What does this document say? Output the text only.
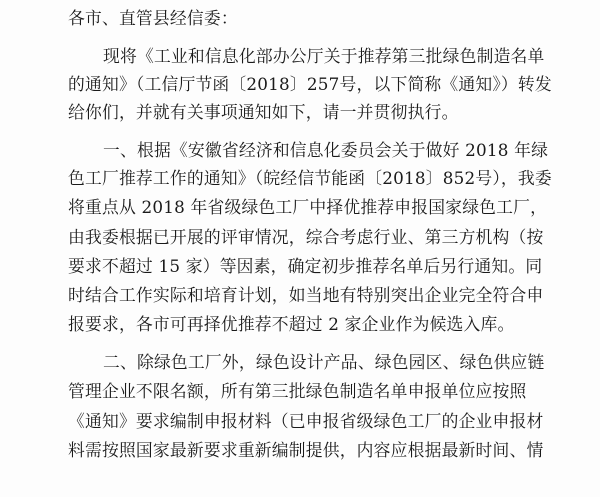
各市、直管县经信委：
现将《工业和信息化部办公厅关于推荐第三批绿色制造名单
的通知》（工信厅节函〔2018〕257号，以下简称《通知》）转发
给你们，并就有关事项通知如下，请一并贯彻执行。
一、根据《安徽省经济和信息化委员会关于做好 2018 年绿
色工厂推荐工作的通知》（皖经信节能函〔2018〕852号），我委
将重点从 2018 年省级绿色工厂中择优推荐申报国家绿色工厂，
由我委根据已开展的评审情况，综合考虑行业、第三方机构（按
要求不超过 15 家）等因素，确定初步推荐名单后另行通知。同
时结合工作实际和培育计划，如当地有特别突出企业完全符合申
报要求，各市可再择优推荐不超过 2 家企业作为候选入库。
二、除绿色工厂外，绿色设计产品、绿色园区、绿色供应链
管理企业不限名额，所有第三批绿色制造名单申报单位应按照
《通知》要求编制申报材料（已申报省级绿色工厂的企业申报材
料需按照国家最新要求重新编制提供，内容应根据最新时间、情
